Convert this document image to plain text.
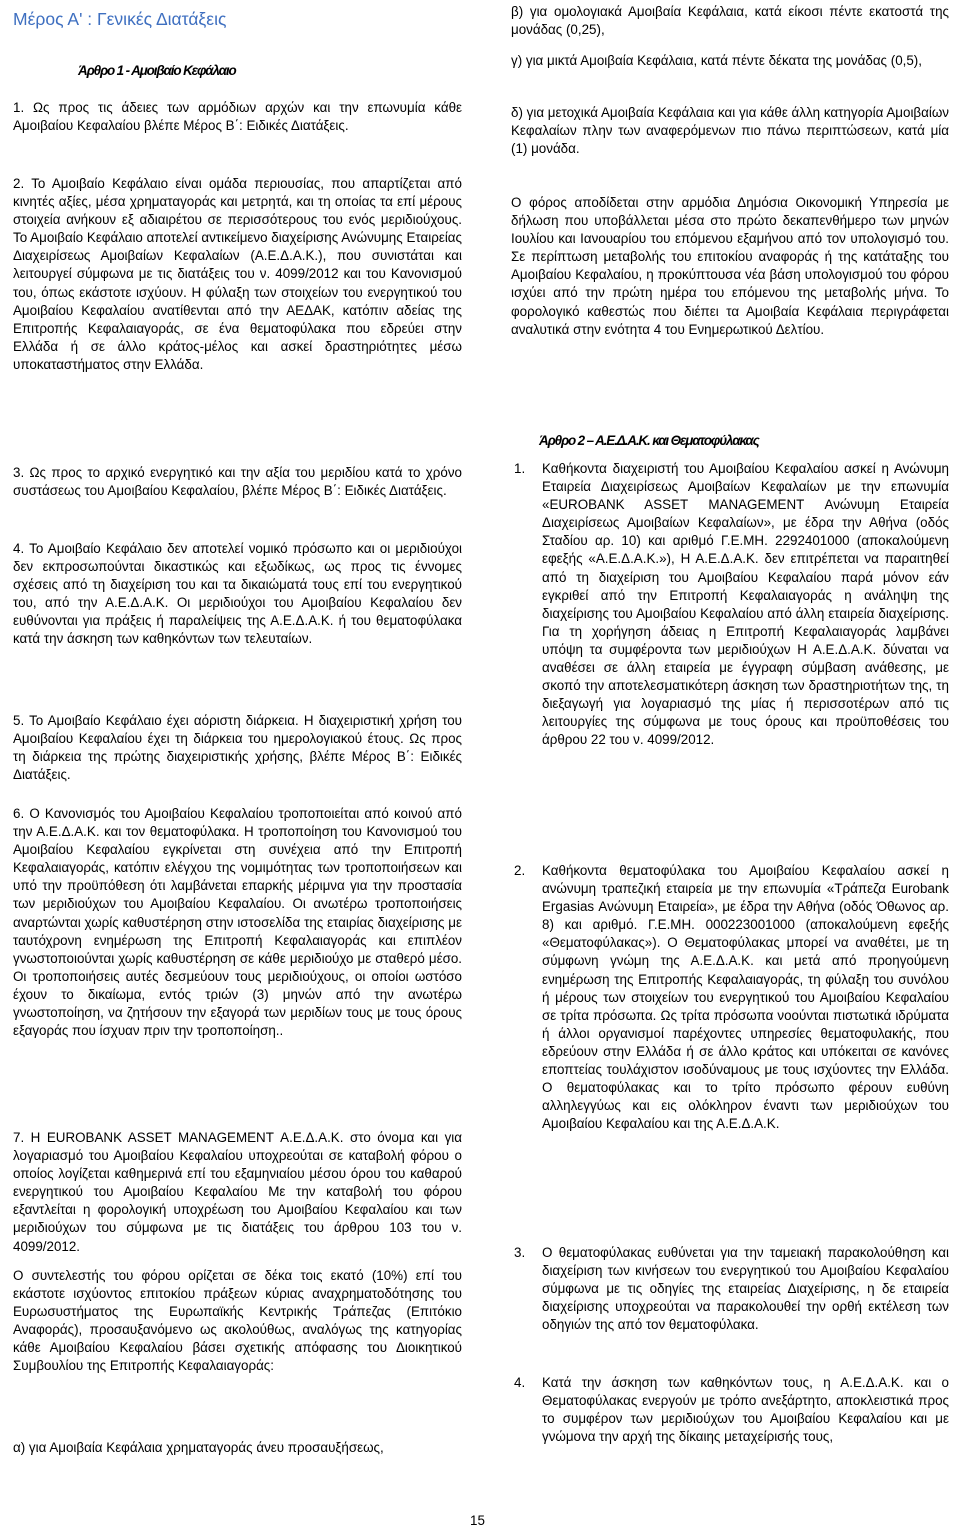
Μέρος Α' : Γενικές Διατάξεις
Άρθρο 1 - Αμοιβαίο Κεφάλαιο
1. Ως προς τις άδειες των αρμόδιων αρχών και την επωνυμία κάθε Αμοιβαίου Κεφαλαίου βλέπε Μέρος Β΄: Ειδικές Διατάξεις.
2. Το Αμοιβαίο Κεφάλαιο είναι ομάδα περιουσίας, που απαρτίζεται από κινητές αξίες, μέσα χρηματαγοράς και μετρητά, και τη οποίας τα επί μέρους στοιχεία ανήκουν εξ αδιαιρέτου σε περισσότερους του ενός μεριδιούχους. Το Αμοιβαίο Κεφάλαιο αποτελεί αντικείμενο διαχείρισης Ανώνυμης Εταιρείας Διαχειρίσεως Αμοιβαίων Κεφαλαίων (Α.Ε.Δ.Α.Κ.), που συνιστάται και λειτουργεί σύμφωνα με τις διατάξεις του ν. 4099/2012 και του Κανονισμού του, όπως εκάστοτε ισχύουν. Η φύλαξη των στοιχείων του ενεργητικού του Αμοιβαίου Κεφαλαίου ανατίθενται από την ΑΕΔΑΚ, κατόπιν αδείας της Επιτροπής Κεφαλαιαγοράς, σε ένα θεματοφύλακα που εδρεύει στην Ελλάδα ή σε άλλο κράτος-μέλος και ασκεί δραστηριότητες μέσω υποκαταστήματος στην Ελλάδα.
3. Ως προς το αρχικό ενεργητικό και την αξία του μεριδίου κατά το χρόνο συστάσεως του Αμοιβαίου Κεφαλαίου, βλέπε Μέρος Β΄: Ειδικές Διατάξεις.
4. Το Αμοιβαίο Κεφάλαιο δεν αποτελεί νομικό πρόσωπο και οι μεριδιούχοι δεν εκπροσωπούνται δικαστικώς και εξωδίκως, ως προς τις έννομες σχέσεις από τη διαχείριση του και τα δικαιώματά τους επί του ενεργητικού του, από την Α.Ε.Δ.Α.Κ. Οι μεριδιούχοι του Αμοιβαίου Κεφαλαίου δεν ευθύνονται για πράξεις ή παραλείψεις της Α.Ε.Δ.Α.Κ. ή του θεματοφύλακα κατά την άσκηση των καθηκόντων των τελευταίων.
5. Το Αμοιβαίο Κεφάλαιο έχει αόριστη διάρκεια. Η διαχειριστική χρήση του Αμοιβαίου Κεφαλαίου έχει τη διάρκεια του ημερολογιακού έτους. Ως προς τη διάρκεια της πρώτης διαχειριστικής χρήσης, βλέπε Μέρος Β΄: Ειδικές Διατάξεις.
6. Ο Κανονισμός του Αμοιβαίου Κεφαλαίου τροποποιείται από κοινού από την Α.Ε.Δ.Α.Κ. και τον θεματοφύλακα. Η τροποποίηση του Κανονισμού του Αμοιβαίου Κεφαλαίου εγκρίνεται στη συνέχεια από την Επιτροπή Κεφαλαιαγοράς, κατόπιν ελέγχου της νομιμότητας των τροποποιήσεων και υπό την προϋπόθεση ότι λαμβάνεται επαρκής μέριμνα για την προστασία των μεριδιούχων του Αμοιβαίου Κεφαλαίου. Οι ανωτέρω τροποποιήσεις αναρτώνται χωρίς καθυστέρηση στην ιστοσελίδα της εταιρίας διαχείρισης με ταυτόχρονη ενημέρωση της Επιτροπή Κεφαλαιαγοράς και επιπλέον γνωστοποιούνται χωρίς καθυστέρηση σε κάθε μεριδιούχο με σταθερό μέσο. Οι τροποποιήσεις αυτές δεσμεύουν τους μεριδιούχους, οι οποίοι ωστόσο έχουν το δικαίωμα, εντός τριών (3) μηνών από την ανωτέρω γνωστοποίηση, να ζητήσουν την εξαγορά των μεριδίων τους με τους όρους εξαγοράς που ίσχυαν πριν την τροποποίηση..
7. Η EUROBANK ASSET MANAGEMENT Α.Ε.Δ.Α.Κ. στο όνομα και για λογαριασμό του Αμοιβαίου Κεφαλαίου υποχρεούται σε καταβολή φόρου ο οποίος λογίζεται καθημερινά επί του εξαμηνιαίου μέσου όρου του καθαρού ενεργητικού του Αμοιβαίου Κεφαλαίου Με την καταβολή του φόρου εξαντλείται η φορολογική υποχρέωση του Αμοιβαίου Κεφαλαίου και των μεριδιούχων του σύμφωνα με τις διατάξεις του άρθρου 103 του ν. 4099/2012.
Ο συντελεστής του φόρου ορίζεται σε δέκα τοις εκατό (10%) επί του εκάστοτε ισχύοντος επιτοκίου πράξεων κύριας αναχρηματοδότησης του Ευρωσυστήματος της Ευρωπαϊκής Κεντρικής Τράπεζας (Επιτόκιο Αναφοράς), προσαυξανόμενο ως ακολούθως, αναλόγως της κατηγορίας κάθε Αμοιβαίου Κεφαλαίου βάσει σχετικής απόφασης του Διοικητικού Συμβουλίου της Επιτροπής Κεφαλαιαγοράς:
α) για Αμοιβαία Κεφάλαια χρηματαγοράς άνευ προσαυξήσεως,
β) για ομολογιακά Αμοιβαία Κεφάλαια, κατά είκοσι πέντε εκατοστά της μονάδας (0,25),
γ) για μικτά Αμοιβαία Κεφάλαια, κατά πέντε δέκατα της μονάδας (0,5),
δ) για μετοχικά Αμοιβαία Κεφάλαια και για κάθε άλλη κατηγορία Αμοιβαίων Κεφαλαίων πλην των αναφερόμενων πιο πάνω περιπτώσεων, κατά μία (1) μονάδα.
Ο φόρος αποδίδεται στην αρμόδια Δημόσια Οικονομική Υπηρεσία με δήλωση που υποβάλλεται μέσα στο πρώτο δεκαπενθήμερο των μηνών Ιουλίου και Ιανουαρίου του επόμενου εξαμήνου από τον υπολογισμό του. Σε περίπτωση μεταβολής του επιτοκίου αναφοράς ή της κατάταξης του Αμοιβαίου Κεφαλαίου, η προκύπτουσα νέα βάση υπολογισμού του φόρου ισχύει από την πρώτη ημέρα του επόμενου της μεταβολής μήνα. Το φορολογικό καθεστώς που διέπει τα Αμοιβαία Κεφάλαια περιγράφεται αναλυτικά στην ενότητα 4 του Ενημερωτικού Δελτίου.
Άρθρο 2 – Α.Ε.Δ.Α.Κ. και Θεματοφύλακας
1. Καθήκοντα διαχειριστή του Αμοιβαίου Κεφαλαίου ασκεί η Ανώνυμη Εταιρεία Διαχειρίσεως Αμοιβαίων Κεφαλαίων με την επωνυμία «EUROBANK ASSET MANAGEMENT Ανώνυμη Εταιρεία Διαχειρίσεως Αμοιβαίων Κεφαλαίων», με έδρα την Αθήνα (οδός Σταδίου αρ. 10) και αριθμό Γ.Ε.ΜΗ. 2292401000 (αποκαλούμενη εφεξής «Α.Ε.Δ.Α.Κ.»), Η Α.Ε.Δ.Α.Κ. δεν επιτρέπεται να παραιτηθεί από τη διαχείριση του Αμοιβαίου Κεφαλαίου παρά μόνον εάν εγκριθεί από την Επιτροπή Κεφαλαιαγοράς η ανάληψη της διαχείρισης του Αμοιβαίου Κεφαλαίου από άλλη εταιρεία διαχείρισης. Για τη χορήγηση άδειας η Επιτροπή Κεφαλαιαγοράς λαμβάνει υπόψη τα συμφέροντα των μεριδιούχων Η Α.Ε.Δ.Α.Κ. δύναται να αναθέσει σε άλλη εταιρεία με έγγραφη σύμβαση ανάθεσης, με σκοπό την αποτελεσματικότερη άσκηση των δραστηριοτήτων της, τη διεξαγωγή για λογαριασμό της μίας ή περισσοτέρων από τις λειτουργίες της σύμφωνα με τους όρους και προϋποθέσεις του άρθρου 22 του ν. 4099/2012.
2. Καθήκοντα θεματοφύλακα του Αμοιβαίου Κεφαλαίου ασκεί η ανώνυμη τραπεζική εταιρεία με την επωνυμία «Τράπεζα Eurobank Ergasias Ανώνυμη Εταιρεία», με έδρα την Αθήνα (οδός Όθωνος αρ. 8) και αριθμό. Γ.Ε.ΜΗ. 000223001000 (αποκαλούμενη εφεξής «Θεματοφύλακας»). Ο Θεματοφύλακας μπορεί να αναθέτει, με τη σύμφωνη γνώμη της Α.Ε.Δ.Α.Κ. και μετά από προηγούμενη ενημέρωση της Επιτροπής Κεφαλαιαγοράς, τη φύλαξη του συνόλου ή μέρους των στοιχείων του ενεργητικού του Αμοιβαίου Κεφαλαίου σε τρίτα πρόσωπα. Ως τρίτα πρόσωπα νοούνται πιστωτικά ιδρύματα ή άλλοι οργανισμοί παρέχοντες υπηρεσίες θεματοφυλακής, που εδρεύουν στην Ελλάδα ή σε άλλο κράτος και υπόκειται σε κανόνες εποπτείας τουλάχιστον ισοδύναμους με τους ισχύοντες την Ελλάδα. Ο θεματοφύλακας και το τρίτο πρόσωπο φέρουν ευθύνη αλληλεγγύως και εις ολόκληρον έναντι των μεριδιούχων του Αμοιβαίου Κεφαλαίου και της Α.Ε.Δ.Α.Κ.
3. Ο θεματοφύλακας ευθύνεται για την ταμειακή παρακολούθηση και διαχείριση των κινήσεων του ενεργητικού του Αμοιβαίου Κεφαλαίου σύμφωνα με τις οδηγίες της εταιρείας Διαχείρισης, η δε εταιρεία διαχείρισης υποχρεούται να παρακολουθεί την ορθή εκτέλεση των οδηγιών της από τον θεματοφύλακα.
4. Κατά την άσκηση των καθηκόντων τους, η Α.Ε.Δ.Α.Κ. και ο Θεματοφύλακας ενεργούν με τρόπο ανεξάρτητο, αποκλειστικά προς το συμφέρον των μεριδιούχων του Αμοιβαίου Κεφαλαίου και με γνώμονα την αρχή της δίκαιης μεταχείρισής τους,
15
